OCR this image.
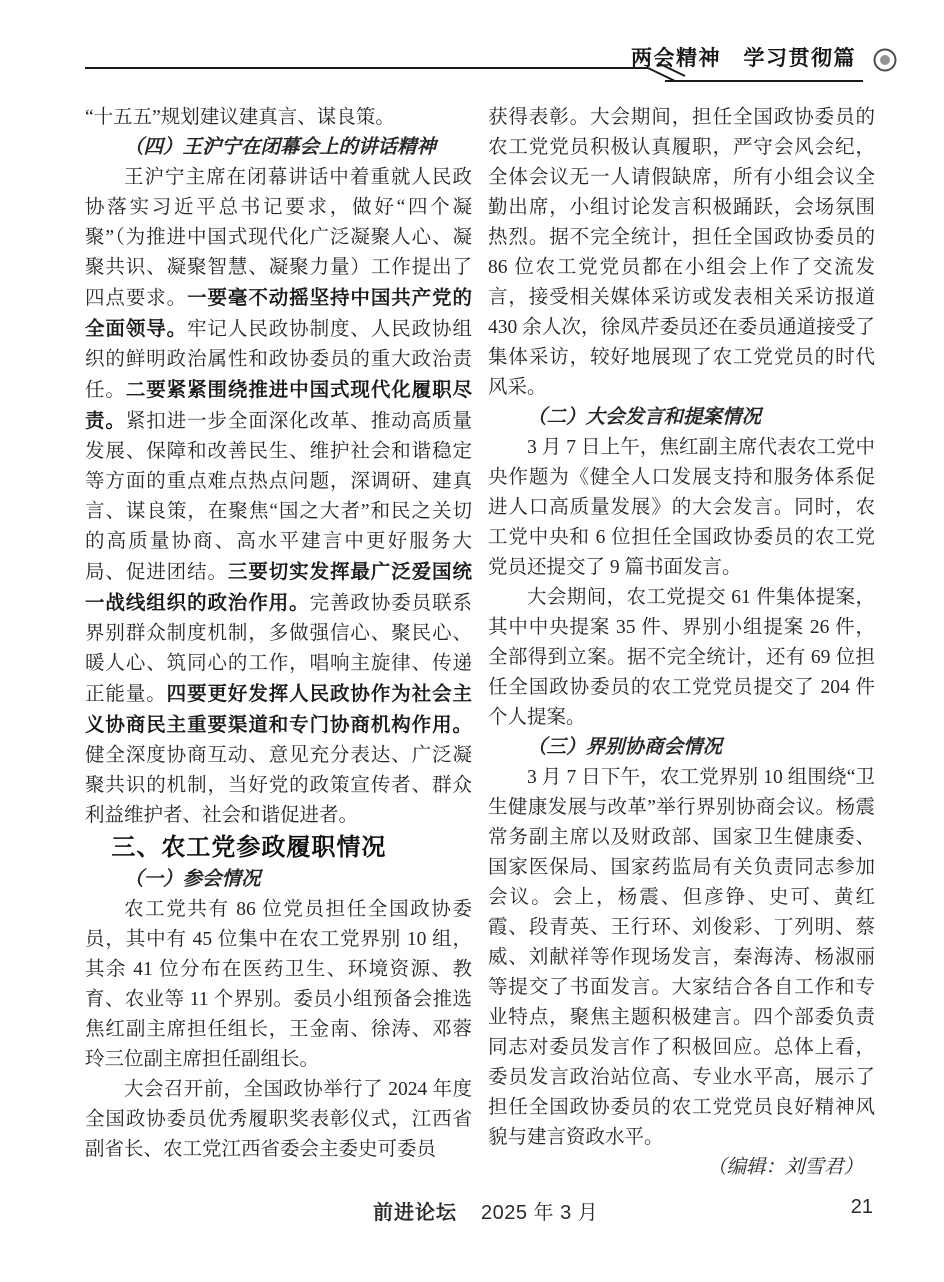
两会精神　学习贯彻篇

“十五五”规划建议建真言、谋良策。

（四）王沪宁在闭幕会上的讲话精神

王沪宁主席在闭幕讲话中着重就人民政协落实习近平总书记要求，做好“四个凝聚”（为推进中国式现代化广泛凝聚人心、凝聚共识、凝聚智慧、凝聚力量）工作提出了四点要求。一要毫不动摇坚持中国共产党的全面领导。牢记人民政协制度、人民政协组织的鲜明政治属性和政协委员的重大政治责任。二要紧紧围绕推进中国式现代化履职尽责。紧扣进一步全面深化改革、推动高质量发展、保障和改善民生、维护社会和谐稳定等方面的重点难点热点问题，深调研、建真言、谋良策，在聚焦“国之大者”和民之关切的高质量协商、高水平建言中更好服务大局、促进团结。三要切实发挥最广泛爱国统一战线组织的政治作用。完善政协委员联系界别群众制度机制，多做强信心、聚民心、暖人心、筑同心的工作，唱响主旋律、传递正能量。四要更好发挥人民政协作为社会主义协商民主重要渠道和专门协商机构作用。健全深度协商互动、意见充分表达、广泛凝聚共识的机制，当好党的政策宣传者、群众利益维护者、社会和谐促进者。

三、农工党参政履职情况

（一）参会情况

农工党共有 86 位党员担任全国政协委员，其中有 45 位集中在农工党界别 10 组，其余 41 位分布在医药卫生、环境资源、教育、农业等 11 个界别。委员小组预备会推选焦红副主席担任组长，王金南、徐涛、邓蓉玲三位副主席担任副组长。

大会召开前，全国政协举行了 2024 年度全国政协委员优秀履职奖表彰仪式，江西省副省长、农工党江西省委会主委史可委员

获得表彰。大会期间，担任全国政协委员的农工党党员积极认真履职，严守会风会纪，全体会议无一人请假缺席，所有小组会议全勤出席，小组讨论发言积极踊跃，会场氛围热烈。据不完全统计，担任全国政协委员的 86 位农工党党员都在小组会上作了交流发言，接受相关媒体采访或发表相关采访报道 430 余人次，徐凤芹委员还在委员通道接受了集体采访，较好地展现了农工党党员的时代风采。

（二）大会发言和提案情况

3 月 7 日上午，焦红副主席代表农工党中央作题为《健全人口发展支持和服务体系促进人口高质量发展》的大会发言。同时，农工党中央和 6 位担任全国政协委员的农工党党员还提交了 9 篇书面发言。

大会期间，农工党提交 61 件集体提案，其中中央提案 35 件、界别小组提案 26 件，全部得到立案。据不完全统计，还有 69 位担任全国政协委员的农工党党员提交了 204 件个人提案。

（三）界别协商会情况

3 月 7 日下午，农工党界别 10 组围绕“卫生健康发展与改革”举行界别协商会议。杨震常务副主席以及财政部、国家卫生健康委、国家医保局、国家药监局有关负责同志参加会议。会上，杨震、但彦铮、史可、黄红霞、段青英、王行环、刘俊彩、丁列明、蔡威、刘献祥等作现场发言，秦海涛、杨淑丽等提交了书面发言。大家结合各自工作和专业特点，聚焦主题积极建言。四个部委负责同志对委员发言作了积极回应。总体上看，委员发言政治站位高、专业水平高，展示了担任全国政协委员的农工党党员良好精神风貌与建言资政水平。

（编辑：刘雪君）

前进论坛 2025 年 3 月	21
